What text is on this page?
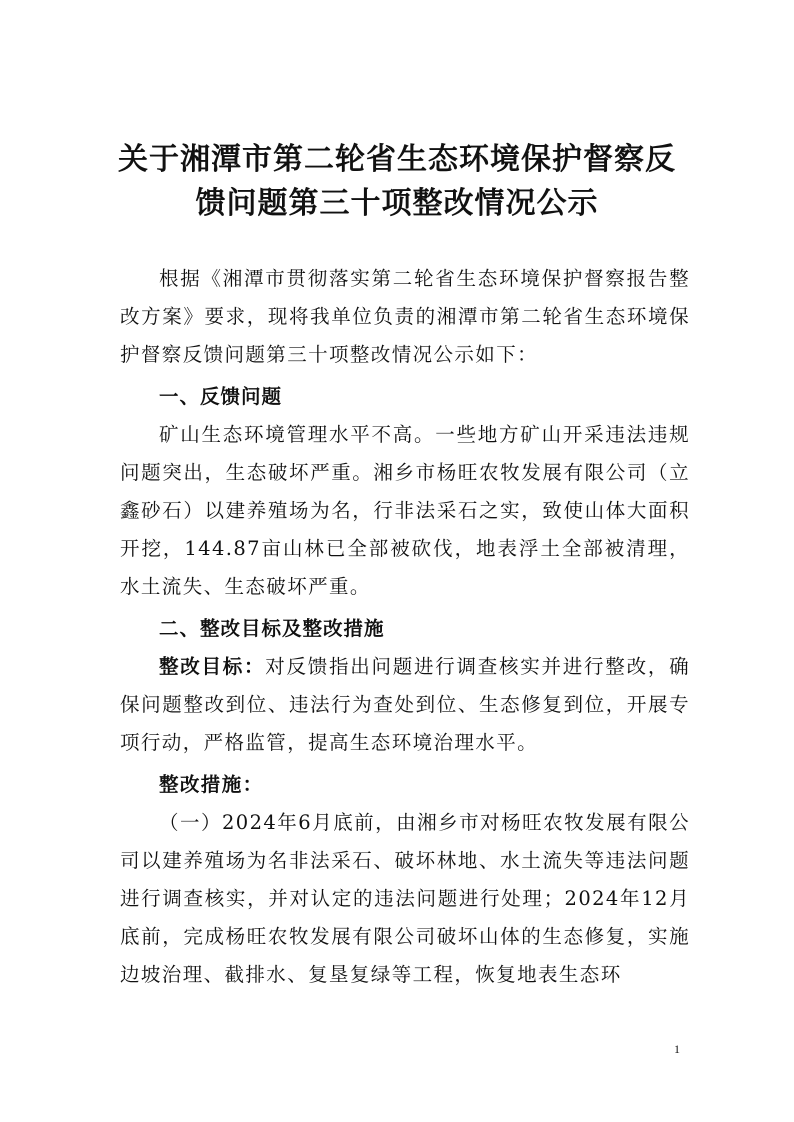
关于湘潭市第二轮省生态环境保护督察反馈问题第三十项整改情况公示

根据《湘潭市贯彻落实第二轮省生态环境保护督察报告整改方案》要求，现将我单位负责的湘潭市第二轮省生态环境保护督察反馈问题第三十项整改情况公示如下：

一、反馈问题

矿山生态环境管理水平不高。一些地方矿山开采违法违规问题突出，生态破坏严重。湘乡市杨旺农牧发展有限公司（立鑫砂石）以建养殖场为名，行非法采石之实，致使山体大面积开挖，144.87亩山林已全部被砍伐，地表浮土全部被清理，水土流失、生态破坏严重。

二、整改目标及整改措施

整改目标：对反馈指出问题进行调查核实并进行整改，确保问题整改到位、违法行为查处到位、生态修复到位，开展专项行动，严格监管，提高生态环境治理水平。

整改措施：

（一）2024年6月底前，由湘乡市对杨旺农牧发展有限公司以建养殖场为名非法采石、破坏林地、水土流失等违法问题进行调查核实，并对认定的违法问题进行处理；2024年12月底前，完成杨旺农牧发展有限公司破坏山体的生态修复，实施边坡治理、截排水、复垦复绿等工程，恢复地表生态环

1
